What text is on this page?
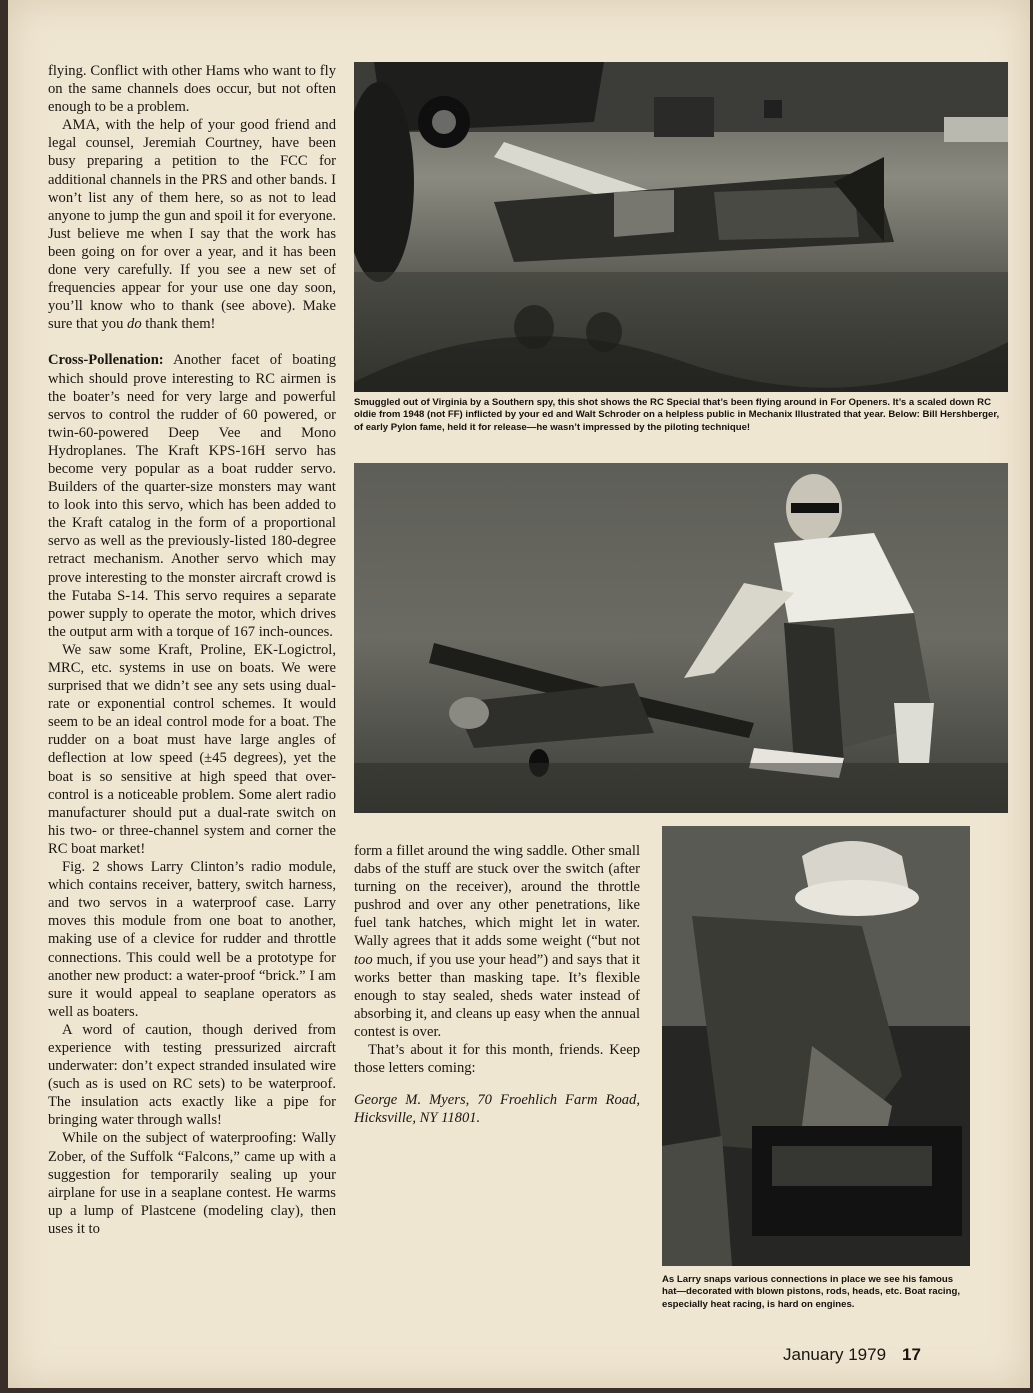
flying. Conflict with other Hams who want to fly on the same channels does occur, but not often enough to be a problem.

AMA, with the help of your good friend and legal counsel, Jeremiah Courtney, have been busy preparing a petition to the FCC for additional channels in the PRS and other bands. I won’t list any of them here, so as not to lead anyone to jump the gun and spoil it for everyone. Just believe me when I say that the work has been going on for over a year, and it has been done very carefully. If you see a new set of frequencies appear for your use one day soon, you’ll know who to thank (see above). Make sure that you do thank them!

Cross-Pollenation: Another facet of boating which should prove interesting to RC airmen is the boater’s need for very large and powerful servos to control the rudder of 60 powered, or twin-60-powered Deep Vee and Mono Hydroplanes. The Kraft KPS-16H servo has become very popular as a boat rudder servo. Builders of the quarter-size monsters may want to look into this servo, which has been added to the Kraft catalog in the form of a proportional servo as well as the previously-listed 180-degree retract mechanism. Another servo which may prove interesting to the monster aircraft crowd is the Futaba S-14. This servo requires a separate power supply to operate the motor, which drives the output arm with a torque of 167 inch-ounces.

We saw some Kraft, Proline, EK-Logictrol, MRC, etc. systems in use on boats. We were surprised that we didn’t see any sets using dual-rate or exponential control schemes. It would seem to be an ideal control mode for a boat. The rudder on a boat must have large angles of deflection at low speed (±45 degrees), yet the boat is so sensitive at high speed that over-control is a noticeable problem. Some alert radio manufacturer should put a dual-rate switch on his two- or three-channel system and corner the RC boat market!

Fig. 2 shows Larry Clinton’s radio module, which contains receiver, battery, switch harness, and two servos in a waterproof case. Larry moves this module from one boat to another, making use of a clevice for rudder and throttle connections. This could well be a prototype for another new product: a water-proof “brick.” I am sure it would appeal to seaplane operators as well as boaters.

A word of caution, though derived from experience with testing pressurized aircraft underwater: don’t expect stranded insulated wire (such as is used on RC sets) to be waterproof. The insulation acts exactly like a pipe for bringing water through walls!

While on the subject of waterproofing: Wally Zober, of the Suffolk “Falcons,” came up with a suggestion for temporarily sealing up your airplane for use in a seaplane contest. He warms up a lump of Plastcene (modeling clay), then uses it to

Smuggled out of Virginia by a Southern spy, this shot shows the RC Special that’s been flying around in For Openers. It’s a scaled down RC oldie from 1948 (not FF) inflicted by your ed and Walt Schroder on a helpless public in Mechanix Illustrated that year. Below: Bill Hershberger, of early Pylon fame, held it for release—he wasn’t impressed by the piloting technique!

form a fillet around the wing saddle. Other small dabs of the stuff are stuck over the switch (after turning on the receiver), around the throttle pushrod and over any other penetrations, like fuel tank hatches, which might let in water. Wally agrees that it adds some weight (“but not too much, if you use your head”) and says that it works better than masking tape. It’s flexible enough to stay sealed, sheds water instead of absorbing it, and cleans up easy when the annual contest is over.

That’s about it for this month, friends. Keep those letters coming:

George M. Myers, 70 Froehlich Farm Road, Hicksville, NY 11801.

As Larry snaps various connections in place we see his famous hat—decorated with blown pistons, rods, heads, etc. Boat racing, especially heat racing, is hard on engines.
January 1979 17
